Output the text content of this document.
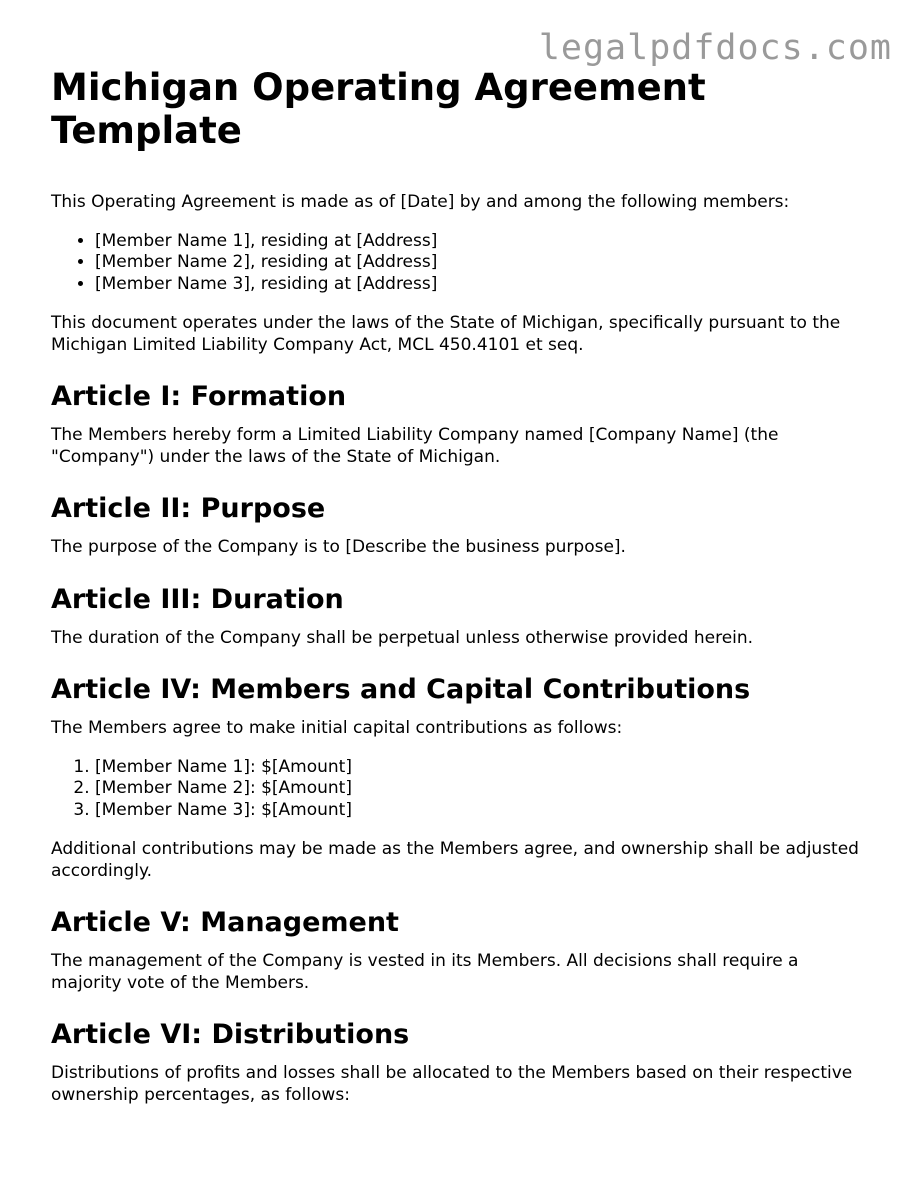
legalpdfdocs.com
Michigan Operating Agreement Template

This Operating Agreement is made as of [Date] by and among the following members:

• [Member Name 1], residing at [Address]
• [Member Name 2], residing at [Address]
• [Member Name 3], residing at [Address]

This document operates under the laws of the State of Michigan, specifically pursuant to the Michigan Limited Liability Company Act, MCL 450.4101 et seq.

Article I: Formation

The Members hereby form a Limited Liability Company named [Company Name] (the "Company") under the laws of the State of Michigan.

Article II: Purpose

The purpose of the Company is to [Describe the business purpose].

Article III: Duration

The duration of the Company shall be perpetual unless otherwise provided herein.

Article IV: Members and Capital Contributions

The Members agree to make initial capital contributions as follows:

1. [Member Name 1]: $[Amount]
2. [Member Name 2]: $[Amount]
3. [Member Name 3]: $[Amount]

Additional contributions may be made as the Members agree, and ownership shall be adjusted accordingly.

Article V: Management

The management of the Company is vested in its Members. All decisions shall require a majority vote of the Members.

Article VI: Distributions

Distributions of profits and losses shall be allocated to the Members based on their respective ownership percentages, as follows:
